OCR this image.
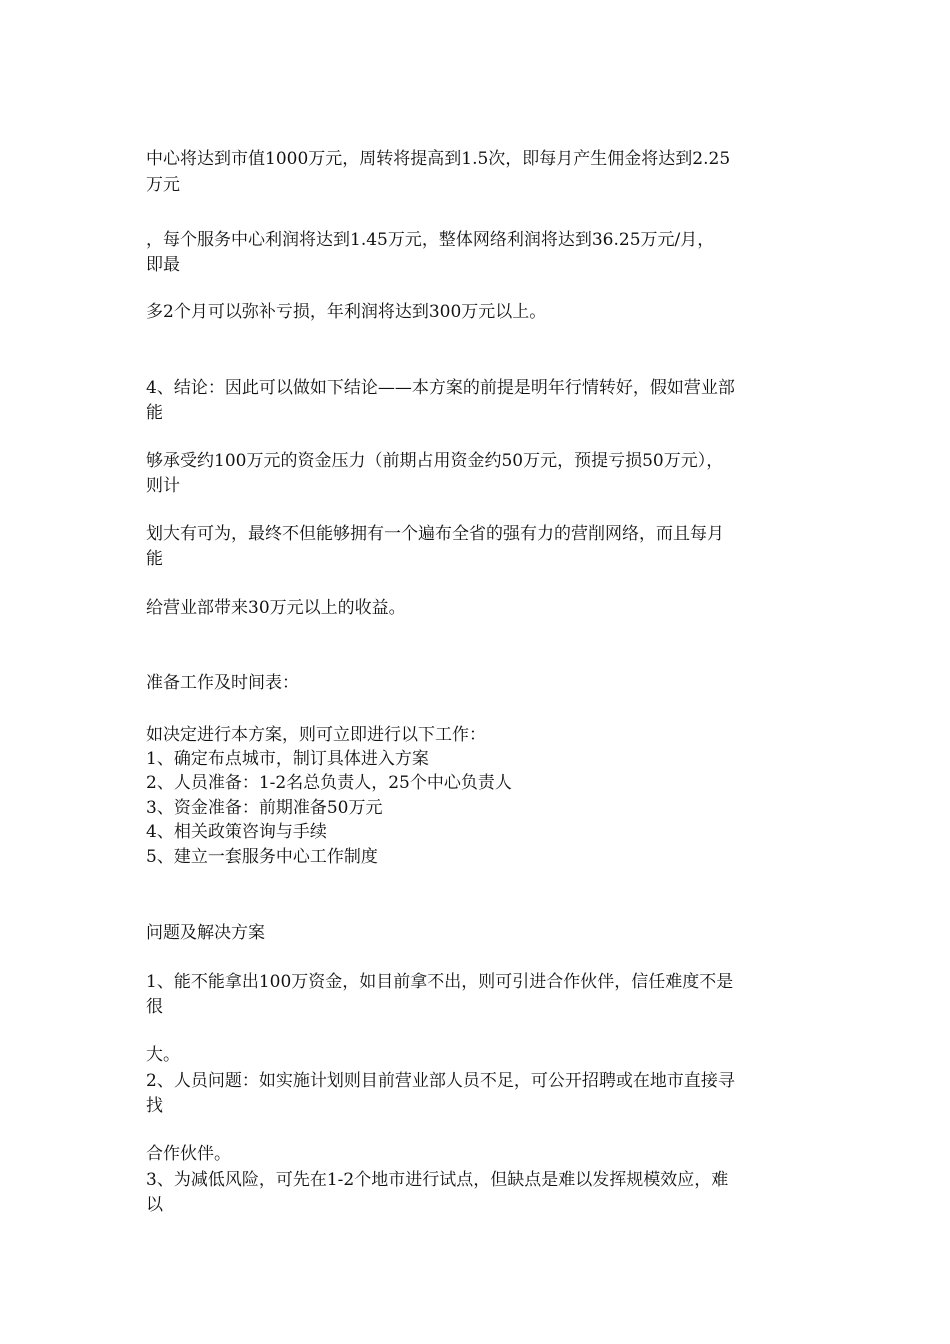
中心将达到市值1000万元，周转将提高到1.5次，即每月产生佣金将达到2.25
万元
，每个服务中心利润将达到1.45万元，整体网络利润将达到36.25万元/月，
即最
多2个月可以弥补亏损，年利润将达到300万元以上。
4、结论：因此可以做如下结论——本方案的前提是明年行情转好，假如营业部
能
够承受约100万元的资金压力（前期占用资金约50万元，预提亏损50万元），
则计
划大有可为，最终不但能够拥有一个遍布全省的强有力的营削网络，而且每月
能
给营业部带来30万元以上的收益。
准备工作及时间表：
如决定进行本方案，则可立即进行以下工作：
1、确定布点城市，制订具体进入方案
2、人员准备：1-2名总负责人，25个中心负责人
3、资金准备：前期准备50万元
4、相关政策咨询与手续
5、建立一套服务中心工作制度
问题及解决方案
1、能不能拿出100万资金，如目前拿不出，则可引进合作伙伴，信任难度不是
很
大。
2、人员问题：如实施计划则目前营业部人员不足，可公开招聘或在地市直接寻
找
合作伙伴。
3、为减低风险，可先在1-2个地市进行试点，但缺点是难以发挥规模效应，难
以
